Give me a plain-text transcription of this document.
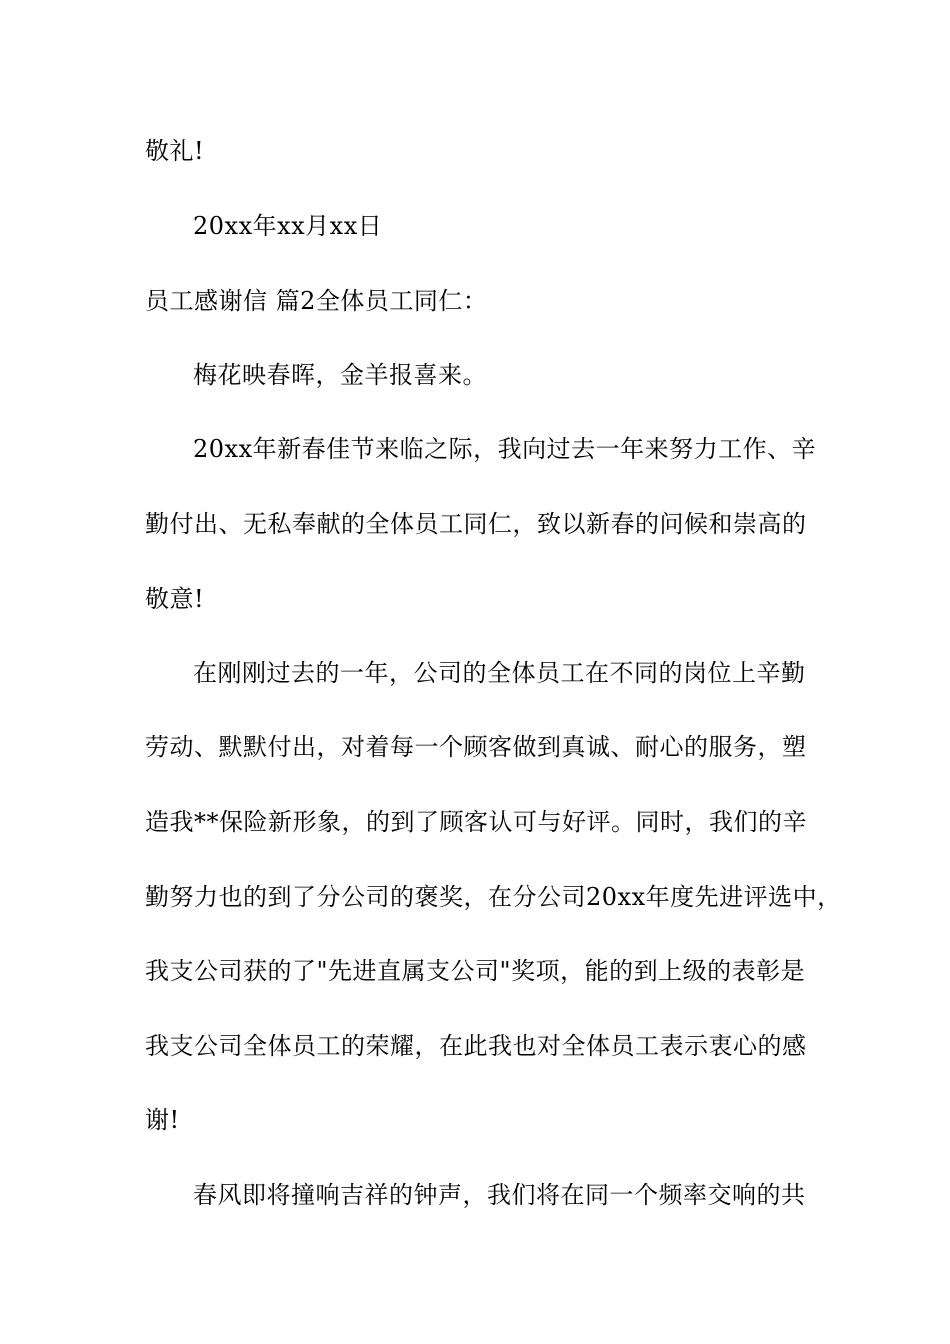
敬礼!
20xx年xx月xx日
员工感谢信 篇2全体员工同仁：
梅花映春晖，金羊报喜来。
20xx年新春佳节来临之际，我向过去一年来努力工作、辛
勤付出、无私奉献的全体员工同仁，致以新春的问候和崇高的
敬意!
在刚刚过去的一年，公司的全体员工在不同的岗位上辛勤
劳动、默默付出，对着每一个顾客做到真诚、耐心的服务，塑
造我**保险新形象，的到了顾客认可与好评。同时，我们的辛
勤努力也的到了分公司的褒奖，在分公司20xx年度先进评选中，
我支公司获的了"先进直属支公司"奖项，能的到上级的表彰是
我支公司全体员工的荣耀，在此我也对全体员工表示衷心的感
谢!
春风即将撞响吉祥的钟声，我们将在同一个频率交响的共
